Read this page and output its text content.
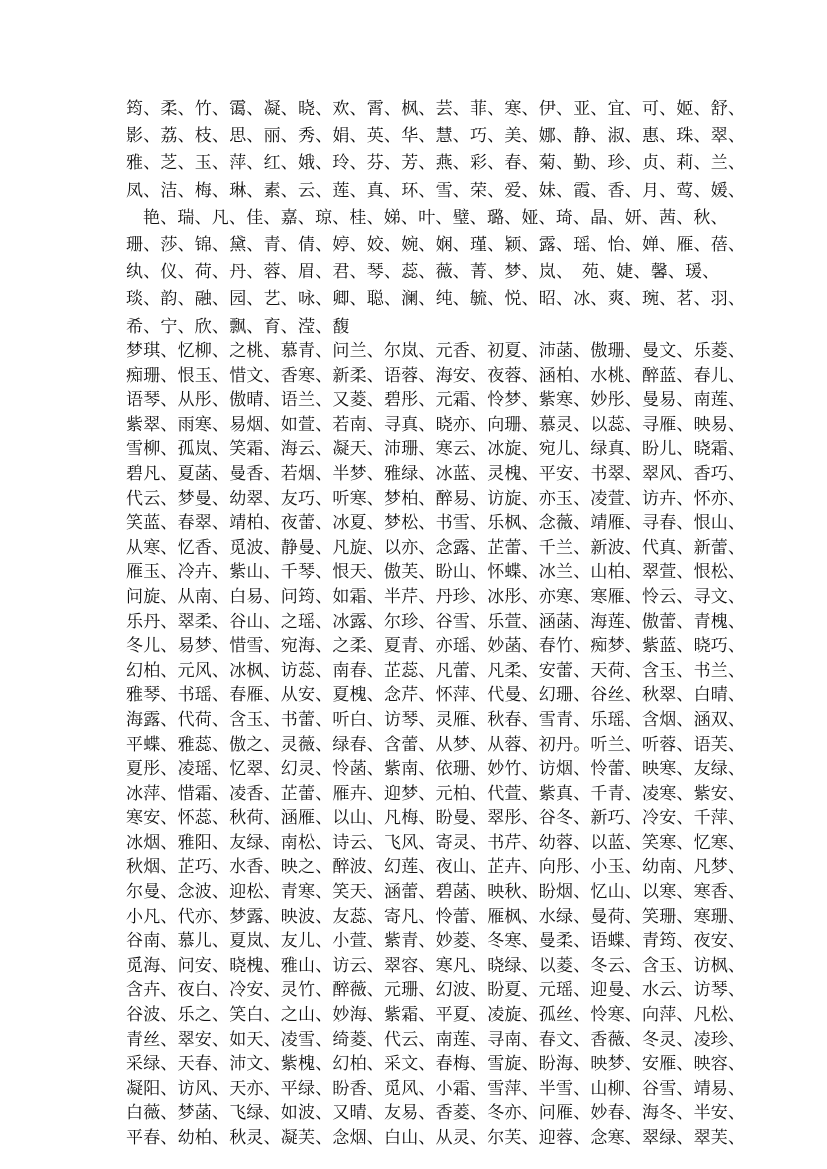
筠、柔、竹、霭、凝、晓、欢、霄、枫、芸、菲、寒、伊、亚、宜、可、姬、舒、
影、荔、枝、思、丽、秀、娟、英、华、慧、巧、美、娜、静、淑、惠、珠、翠、
雅、芝、玉、萍、红、娥、玲、芬、芳、燕、彩、春、菊、勤、珍、贞、莉、兰、
凤、洁、梅、琳、素、云、莲、真、环、雪、荣、爱、妹、霞、香、月、莺、媛、
艳、瑞、凡、佳、嘉、琼、桂、娣、叶、璧、璐、娅、琦、晶、妍、茜、秋、
珊、莎、锦、黛、青、倩、婷、姣、婉、娴、瑾、颖、露、瑶、怡、婵、雁、蓓、
纨、仪、荷、丹、蓉、眉、君、琴、蕊、薇、菁、梦、岚、　苑、婕、馨、瑗、
琰、韵、融、园、艺、咏、卿、聪、澜、纯、毓、悦、昭、冰、爽、琬、茗、羽、
希、宁、欣、飘、育、滢、馥
梦琪、忆柳、之桃、慕青、问兰、尔岚、元香、初夏、沛菡、傲珊、曼文、乐菱、
痴珊、恨玉、惜文、香寒、新柔、语蓉、海安、夜蓉、涵柏、水桃、醉蓝、春儿、
语琴、从彤、傲晴、语兰、又菱、碧彤、元霜、怜梦、紫寒、妙彤、曼易、南莲、
紫翠、雨寒、易烟、如萱、若南、寻真、晓亦、向珊、慕灵、以蕊、寻雁、映易、
雪柳、孤岚、笑霜、海云、凝天、沛珊、寒云、冰旋、宛儿、绿真、盼儿、晓霜、
碧凡、夏菡、曼香、若烟、半梦、雅绿、冰蓝、灵槐、平安、书翠、翠风、香巧、
代云、梦曼、幼翠、友巧、听寒、梦柏、醉易、访旋、亦玉、凌萱、访卉、怀亦、
笑蓝、春翠、靖柏、夜蕾、冰夏、梦松、书雪、乐枫、念薇、靖雁、寻春、恨山、
从寒、忆香、觅波、静曼、凡旋、以亦、念露、芷蕾、千兰、新波、代真、新蕾、
雁玉、冷卉、紫山、千琴、恨天、傲芙、盼山、怀蝶、冰兰、山柏、翠萱、恨松、
问旋、从南、白易、问筠、如霜、半芹、丹珍、冰彤、亦寒、寒雁、怜云、寻文、
乐丹、翠柔、谷山、之瑶、冰露、尔珍、谷雪、乐萱、涵菡、海莲、傲蕾、青槐、
冬儿、易梦、惜雪、宛海、之柔、夏青、亦瑶、妙菡、春竹、痴梦、紫蓝、晓巧、
幻柏、元风、冰枫、访蕊、南春、芷蕊、凡蕾、凡柔、安蕾、天荷、含玉、书兰、
雅琴、书瑶、春雁、从安、夏槐、念芹、怀萍、代曼、幻珊、谷丝、秋翠、白晴、
海露、代荷、含玉、书蕾、听白、访琴、灵雁、秋春、雪青、乐瑶、含烟、涵双、
平蝶、雅蕊、傲之、灵薇、绿春、含蕾、从梦、从蓉、初丹。听兰、听蓉、语芙、
夏彤、凌瑶、忆翠、幻灵、怜菡、紫南、依珊、妙竹、访烟、怜蕾、映寒、友绿、
冰萍、惜霜、凌香、芷蕾、雁卉、迎梦、元柏、代萱、紫真、千青、凌寒、紫安、
寒安、怀蕊、秋荷、涵雁、以山、凡梅、盼曼、翠彤、谷冬、新巧、冷安、千萍、
冰烟、雅阳、友绿、南松、诗云、飞风、寄灵、书芹、幼蓉、以蓝、笑寒、忆寒、
秋烟、芷巧、水香、映之、醉波、幻莲、夜山、芷卉、向彤、小玉、幼南、凡梦、
尔曼、念波、迎松、青寒、笑天、涵蕾、碧菡、映秋、盼烟、忆山、以寒、寒香、
小凡、代亦、梦露、映波、友蕊、寄凡、怜蕾、雁枫、水绿、曼荷、笑珊、寒珊、
谷南、慕儿、夏岚、友儿、小萱、紫青、妙菱、冬寒、曼柔、语蝶、青筠、夜安、
觅海、问安、晓槐、雅山、访云、翠容、寒凡、晓绿、以菱、冬云、含玉、访枫、
含卉、夜白、冷安、灵竹、醉薇、元珊、幻波、盼夏、元瑶、迎曼、水云、访琴、
谷波、乐之、笑白、之山、妙海、紫霜、平夏、凌旋、孤丝、怜寒、向萍、凡松、
青丝、翠安、如天、凌雪、绮菱、代云、南莲、寻南、春文、香薇、冬灵、凌珍、
采绿、天春、沛文、紫槐、幻柏、采文、春梅、雪旋、盼海、映梦、安雁、映容、
凝阳、访风、天亦、平绿、盼香、觅风、小霜、雪萍、半雪、山柳、谷雪、靖易、
白薇、梦菡、飞绿、如波、又晴、友易、香菱、冬亦、问雁、妙春、海冬、半安、
平春、幼柏、秋灵、凝芙、念烟、白山、从灵、尔芙、迎蓉、念寒、翠绿、翠芙、
